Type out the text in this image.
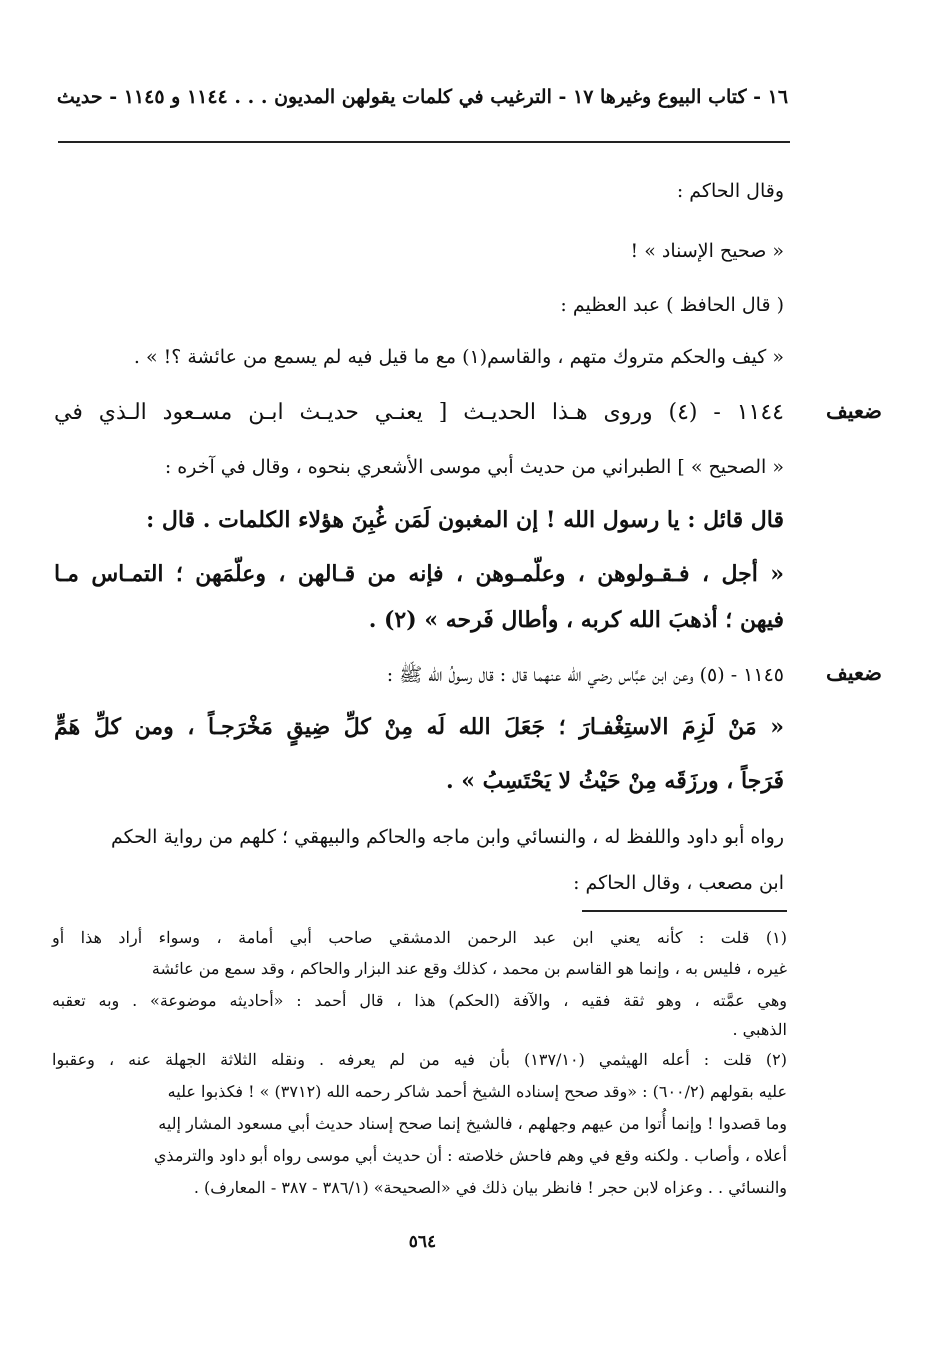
١٦ - كتاب البيوع وغيرها ١٧ - الترغيب في كلمات يقولهن المديون . . . ١١٤٤ و ١١٤٥ - حديث
وقال الحاكم :
« صحيح الإسناد » !
( قال الحافظ ) عبد العظيم :
« كيف والحكم متروك متهم ، والقاسم(١) مع ما قيل فيه لم يسمع من عائشة ؟! » .
ضعيف
١١٤٤ - (٤) وروى هـذا الحديـث [ يعنـي حديـث ابـن مسـعود الـذي في
« الصحيح » ] الطبراني من حديث أبي موسى الأشعري بنحوه ، وقال في آخره :
قال قائل : يا رسول الله ! إن المغبون لَمَن غُبِنَ هؤلاء الكلمات . قال :
« أجل ، فـقـولوهن ، وعلّمـوهن ، فإنه من قـالهن ، وعلّمَهن ؛ التمـاس مـا
فيهن ؛ أذهبَ الله كربه ، وأطال فَرحه » (٢) .
ضعيف
١١٤٥ - (٥) وعن ابن عبَّاس رضي الله عنهما قال : قال رسولُ الله ﷺ :
« مَنْ لَزِمَ الاستِغْفـارَ ؛ جَعَلَ الله لَه مِنْ كلِّ ضِيقٍ مَخْرَجـاً ، ومن كلِّ هَمٍّ
فَرَجاً ، ورزَقَه مِنْ حَيْثُ لا يَحْتَسِبُ » .
رواه أبو داود واللفظ له ، والنسائي وابن ماجه والحاكم والبيهقي ؛ كلهم من رواية الحكم
ابن مصعب ، وقال الحاكم :
(١) قلت : كأنه يعني ابن عبد الرحمن الدمشقي صاحب أبي أمامة ، وسواء أراد هذا أو
غيره ، فليس به ، وإنما هو القاسم بن محمد ، كذلك وقع عند البزار والحاكم ، وقد سمع من عائشة
وهي عمَّته ، وهو ثقة فقيه ، والآفة (الحكم) هذا ، قال أحمد : «أحاديثه موضوعة» . وبه تعقبه
الذهبي .
(٢) قلت : أعله الهيثمي (١٣٧/١٠) بأن فيه من لم يعرفه . ونقله الثلاثة الجهلة عنه ، وعقبوا
عليه بقولهم (٦٠٠/٢) : «وقد صحح إسناده الشيخ أحمد شاكر رحمه الله (٣٧١٢) » ! فكذبوا عليه
وما قصدوا ! وإنما أُتوا من عيهم وجهلهم ، فالشيخ إنما صحح إسناد حديث أبي مسعود المشار إليه
أعلاه ، وأصاب . ولكنه وقع في وهم فاحش خلاصته : أن حديث أبي موسى رواه أبو داود والترمذي
والنسائي . . وعزاه لابن حجر ! فانظر بيان ذلك في «الصحيحة» (٣٨٦/١ - ٣٨٧ - المعارف) .
٥٦٤
